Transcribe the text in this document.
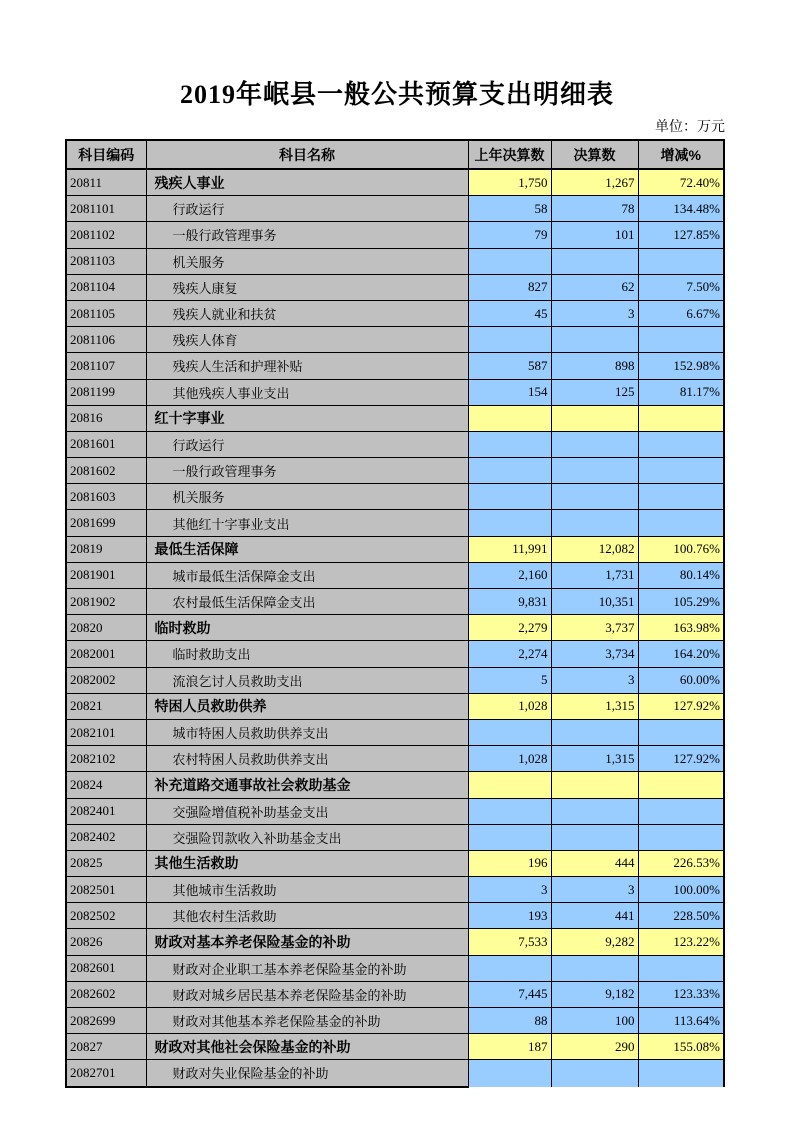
2019年岷县一般公共预算支出明细表
单位：万元
科目编码	科目名称	上年决算数	决算数	增减%
20811	残疾人事业	1,750	1,267	72.40%
2081101	行政运行	58	78	134.48%
2081102	一般行政管理事务	79	101	127.85%
2081103	机关服务			
2081104	残疾人康复	827	62	7.50%
2081105	残疾人就业和扶贫	45	3	6.67%
2081106	残疾人体育			
2081107	残疾人生活和护理补贴	587	898	152.98%
2081199	其他残疾人事业支出	154	125	81.17%
20816	红十字事业			
2081601	行政运行			
2081602	一般行政管理事务			
2081603	机关服务			
2081699	其他红十字事业支出			
20819	最低生活保障	11,991	12,082	100.76%
2081901	城市最低生活保障金支出	2,160	1,731	80.14%
2081902	农村最低生活保障金支出	9,831	10,351	105.29%
20820	临时救助	2,279	3,737	163.98%
2082001	临时救助支出	2,274	3,734	164.20%
2082002	流浪乞讨人员救助支出	5	3	60.00%
20821	特困人员救助供养	1,028	1,315	127.92%
2082101	城市特困人员救助供养支出			
2082102	农村特困人员救助供养支出	1,028	1,315	127.92%
20824	补充道路交通事故社会救助基金			
2082401	交强险增值税补助基金支出			
2082402	交强险罚款收入补助基金支出			
20825	其他生活救助	196	444	226.53%
2082501	其他城市生活救助	3	3	100.00%
2082502	其他农村生活救助	193	441	228.50%
20826	财政对基本养老保险基金的补助	7,533	9,282	123.22%
2082601	财政对企业职工基本养老保险基金的补助			
2082602	财政对城乡居民基本养老保险基金的补助	7,445	9,182	123.33%
2082699	财政对其他基本养老保险基金的补助	88	100	113.64%
20827	财政对其他社会保险基金的补助	187	290	155.08%
2082701	财政对失业保险基金的补助			
